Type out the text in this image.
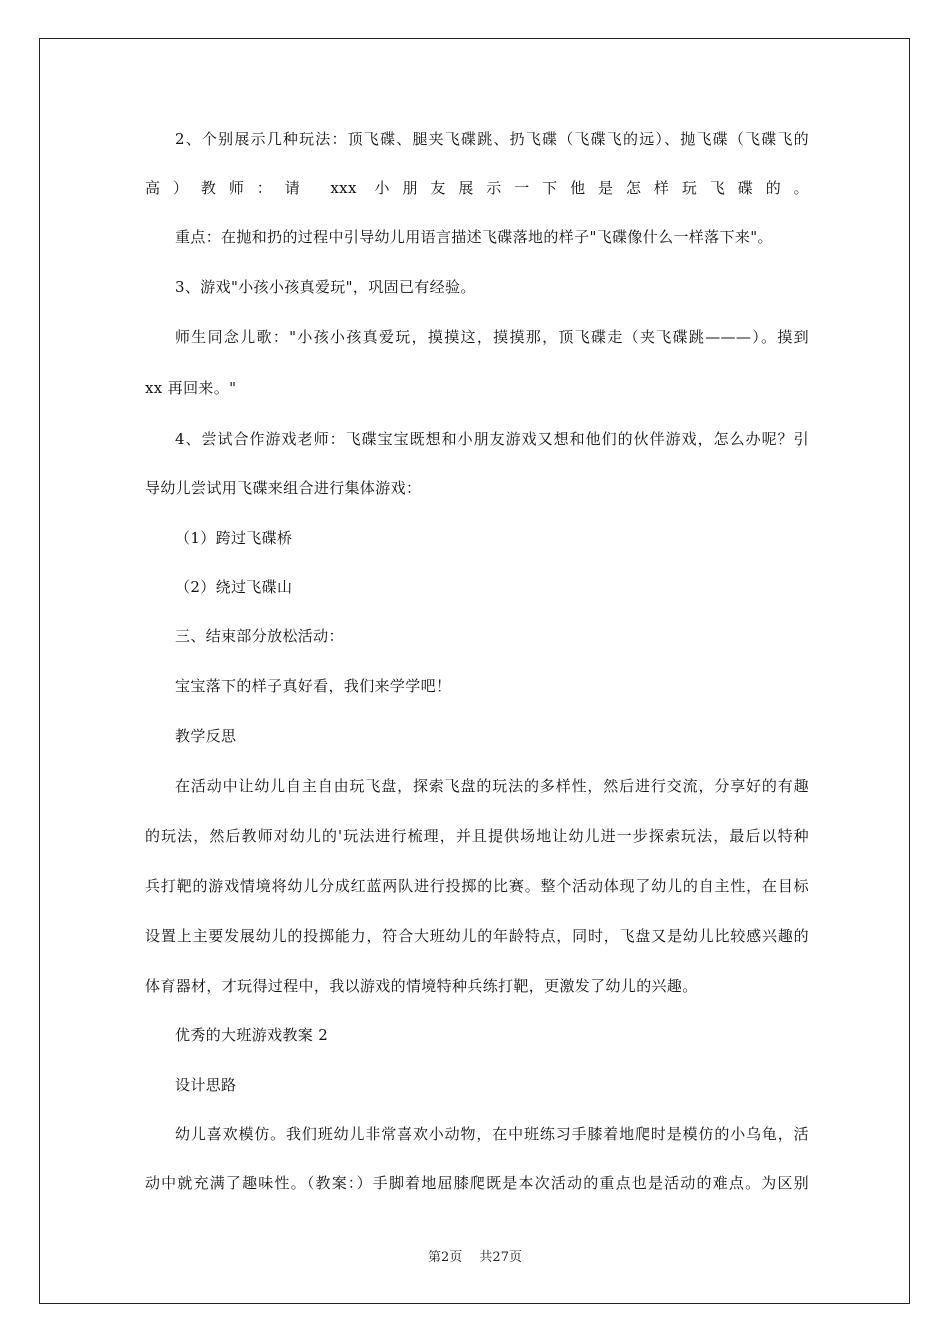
2、个别展示几种玩法：顶飞碟、腿夹飞碟跳、扔飞碟（飞碟飞的远）、抛飞碟（飞碟飞的
高）教师：请 xxx 小朋友展示一下他是怎样玩飞碟的。
重点：在抛和扔的过程中引导幼儿用语言描述飞碟落地的样子"飞碟像什么一样落下来"。
3、游戏"小孩小孩真爱玩"，巩固已有经验。
师生同念儿歌："小孩小孩真爱玩，摸摸这，摸摸那，顶飞碟走（夹飞碟跳———）。摸到
xx 再回来。"
4、尝试合作游戏老师：飞碟宝宝既想和小朋友游戏又想和他们的伙伴游戏，怎么办呢？引
导幼儿尝试用飞碟来组合进行集体游戏：
（1）跨过飞碟桥
（2）绕过飞碟山
三、结束部分放松活动：
宝宝落下的样子真好看，我们来学学吧！
教学反思
在活动中让幼儿自主自由玩飞盘，探索飞盘的玩法的多样性，然后进行交流，分享好的有趣
的玩法，然后教师对幼儿的'玩法进行梳理，并且提供场地让幼儿进一步探索玩法，最后以特种
兵打靶的游戏情境将幼儿分成红蓝两队进行投掷的比赛。整个活动体现了幼儿的自主性，在目标
设置上主要发展幼儿的投掷能力，符合大班幼儿的年龄特点，同时，飞盘又是幼儿比较感兴趣的
体育器材，才玩得过程中，我以游戏的情境特种兵练打靶，更激发了幼儿的兴趣。
优秀的大班游戏教案 2
设计思路
幼儿喜欢模仿。我们班幼儿非常喜欢小动物，在中班练习手膝着地爬时是模仿的小乌龟，活
动中就充满了趣味性。（教案：）手脚着地屈膝爬既是本次活动的重点也是活动的难点。为区别
第2页　 共27页
